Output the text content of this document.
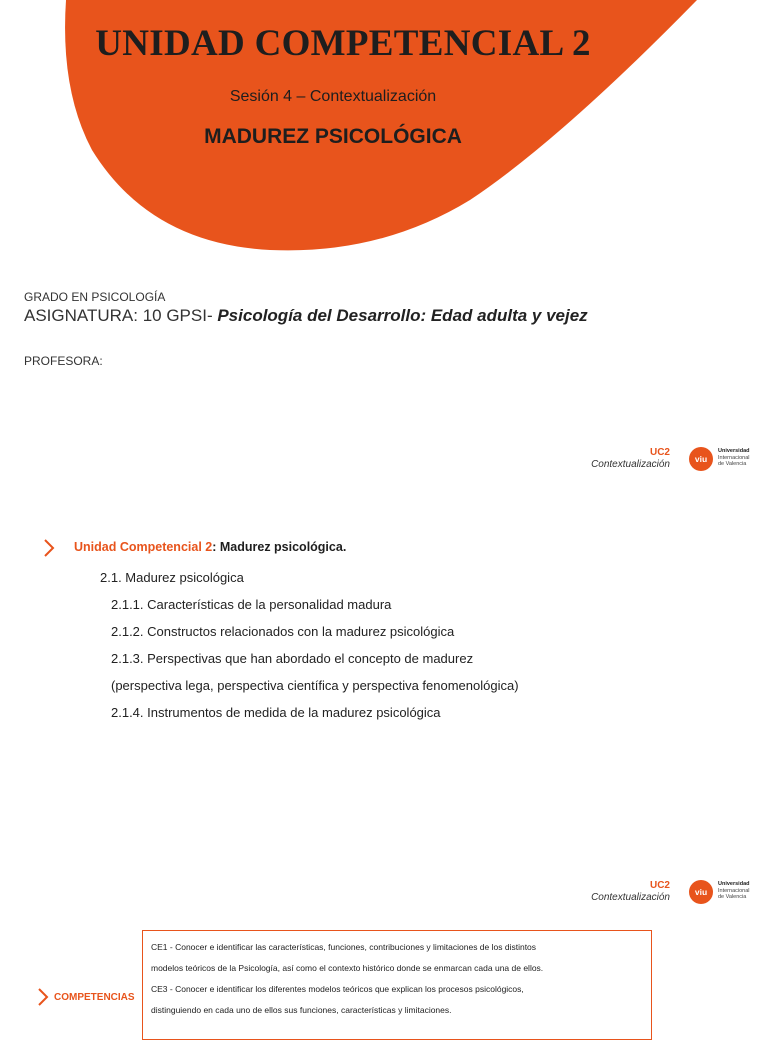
UNIDAD COMPETENCIAL 2
Sesión 4 – Contextualización
MADUREZ PSICOLÓGICA
GRADO EN PSICOLOGÍA
ASIGNATURA: 10 GPSI- Psicología del Desarrollo: Edad adulta y vejez
PROFESORA:
UC2
Contextualización	viu
Universidad
Internacional
de Valencia
Unidad Competencial 2: Madurez psicológica.
2.1. Madurez psicológica
2.1.1. Características de la personalidad madura
2.1.2. Constructos relacionados con la madurez psicológica
2.1.3. Perspectivas que han abordado el concepto de madurez
(perspectiva lega, perspectiva científica y perspectiva fenomenológica)
2.1.4. Instrumentos de medida de la madurez psicológica
UC2
Contextualización	viu
Universidad
Internacional
de Valencia
COMPETENCIAS
CE1 - Conocer e identificar las características, funciones, contribuciones y limitaciones de los distintos
modelos teóricos de la Psicología, así como el contexto histórico donde se enmarcan cada una de ellos.
CE3 - Conocer e identificar los diferentes modelos teóricos que explican los procesos psicológicos,
distinguiendo en cada uno de ellos sus funciones, características y limitaciones.
